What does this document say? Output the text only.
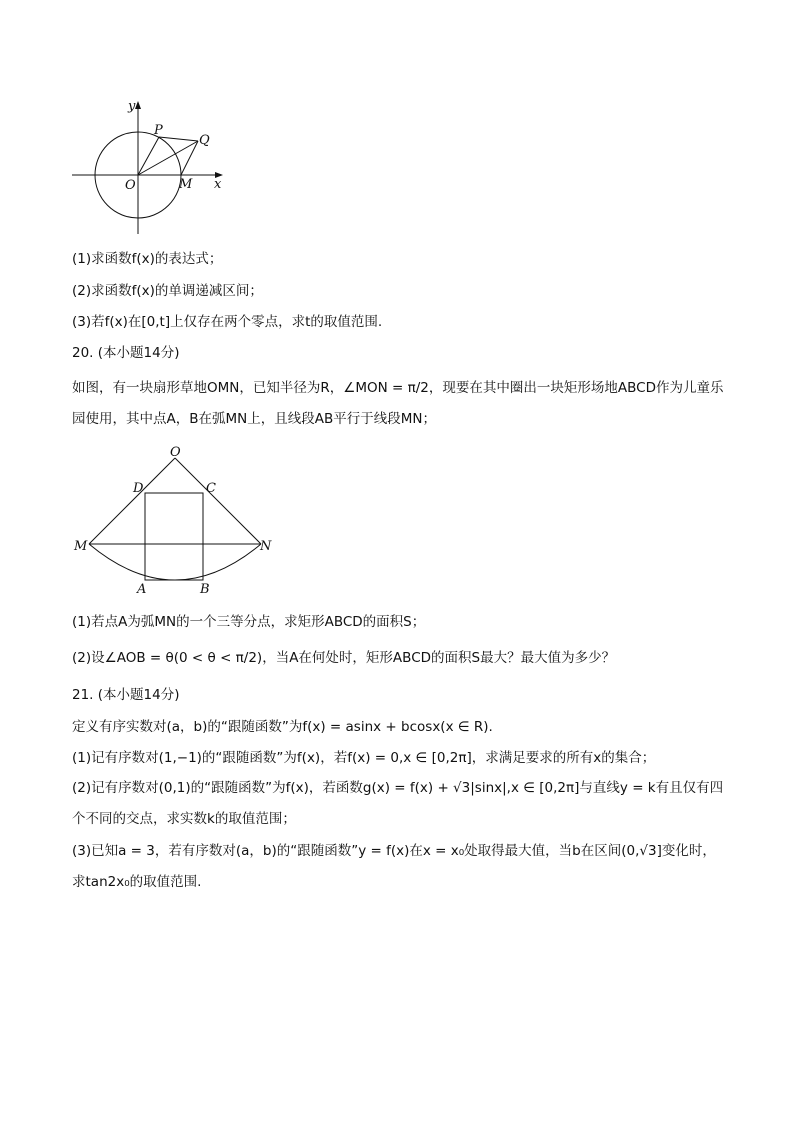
y
x
O
P
Q
M
(1)求函数f(x)的表达式；
(2)求函数f(x)的单调递减区间；
(3)若f(x)在[0,t]上仅存在两个零点，求t的取值范围.
20. (本小题14分)
如图，有一块扇形草地OMN，已知半径为R，∠MON = π/2，现要在其中圈出一块矩形场地ABCD作为儿童乐园使用，其中点A，B在弧MN上，且线段AB平行于线段MN；
O
D	C
M	N
A	B
(1)若点A为弧MN的一个三等分点，求矩形ABCD的面积S；
(2)设∠AOB = θ(0 < θ < π/2)，当A在何处时，矩形ABCD的面积S最大？最大值为多少？
21. (本小题14分)
定义有序实数对(a，b)的“跟随函数”为f(x) = asinx + bcosx(x ∈ R).
(1)记有序数对(1,−1)的“跟随函数”为f(x)，若f(x) = 0,x ∈ [0,2π]，求满足要求的所有x的集合；
(2)记有序数对(0,1)的“跟随函数”为f(x)，若函数g(x) = f(x) + √3|sinx|,x ∈ [0,2π]与直线y = k有且仅有四个不同的交点，求实数k的取值范围；
(3)已知a = 3，若有序数对(a，b)的“跟随函数”y = f(x)在x = x₀处取得最大值，当b在区间(0,√3]变化时，求tan2x₀的取值范围.
